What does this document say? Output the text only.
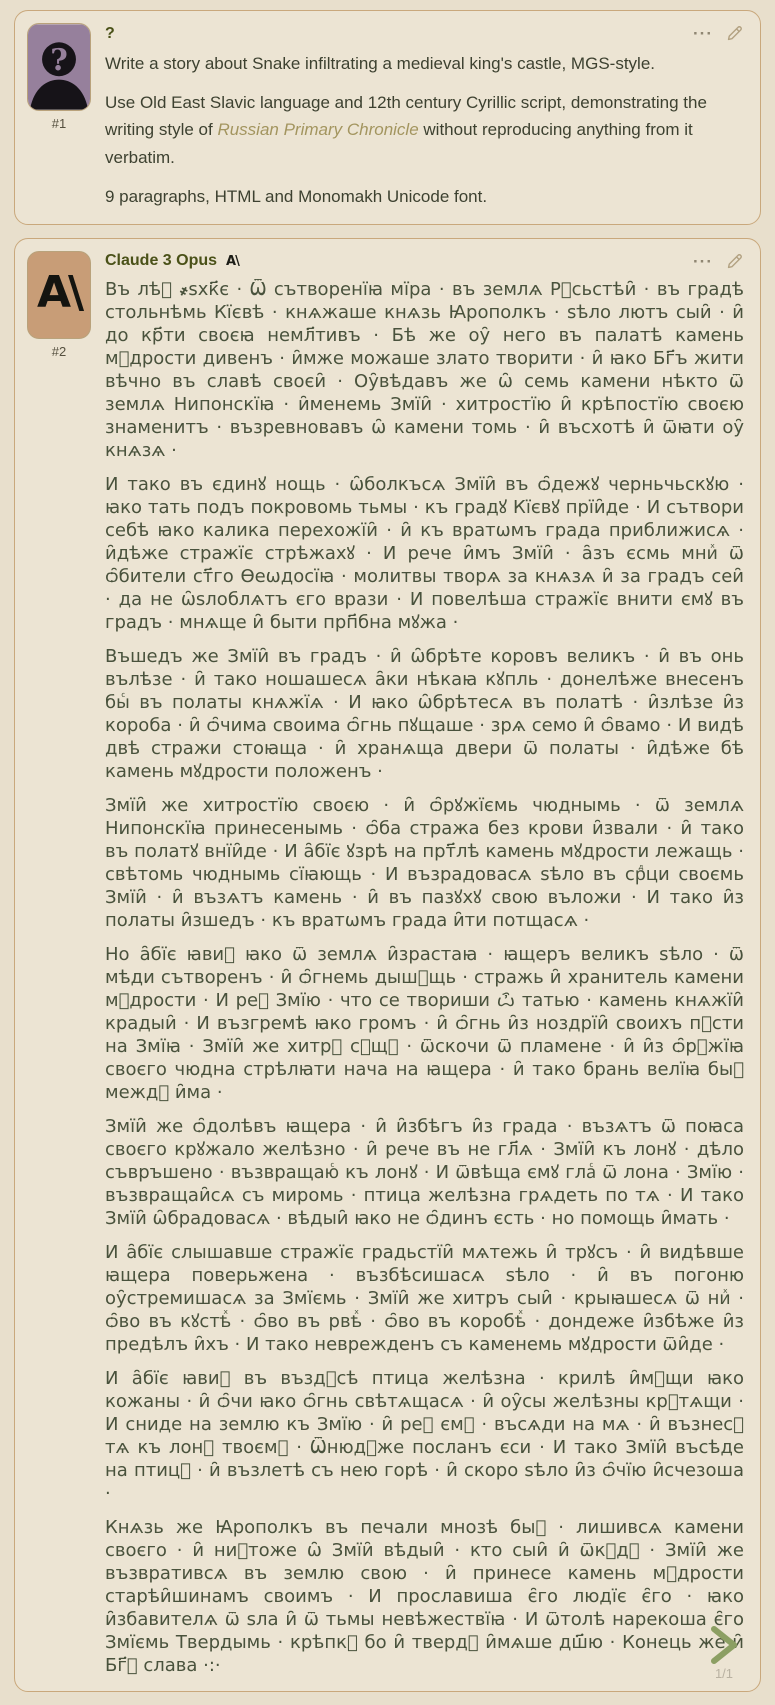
?
#1
?	···

Write a story about Snake infiltrating a medieval king's castle, MGS-style.

Use Old East Slavic language and 12th century Cyrillic script, demonstrating the writing style of Russian Primary Chronicle without reproducing anything from it verbatim.

9 paragraphs, HTML and Monomakh Unicode font.

A\
#2
Claude 3 Opus A\	···

Въ лѣⷮ ҂ѕхк҃є · Ѿ сътворенїꙗ мїра · въ землѧ Рꙋсьстѣи̑ · въ градѣ стольнѣмь Кїєвѣ · кнѧжаше кнѧзь Ꙗрополкъ · ѕѣло лютъ сыи̑ · и̑ до кр҃ти своєꙗ немл҃тивъ · Бѣ же оу̑ него въ палатѣ камень мꙋдрости дивенъ · и̑мже можаше злато творити · и̑ ꙗко Бг҃ъ жити вѣчно въ славѣ своєи̑ · Оу̑вѣдавъ же ѡ̑ семь камени нѣкто ѿ землѧ Нипонскїꙗ · и̑менемь Змїи̑ · хитростїю и̑ крѣпостїю своєю знаменитъ · възревновавъ ѡ̑ камени томь · и̑ въсхотѣ и̑ ѿꙗти оу̑ кнѧзѧ ·

И тако въ єдинꙋ нощь · ѡ̑болкъсѧ Змїи̑ въ ѻ̑дежꙋ черньчьскꙋю · ꙗко тать подъ покровомь тьмы · къ градꙋ Кїєвꙋ прїи̑де · И сътвори себѣ ꙗко калика перехожїи̑ · и̑ къ вратѡмъ града приближисѧ · и̑дѣже стражїє стрѣжахꙋ · И рече и̑мъ Змїи̑ · а̑зъ єсмь мниⷯ ѿ ѻ̑бители ст҃го Ѳеѡдосїꙗ · молитвы творѧ за кнѧзѧ и̑ за градъ сеи̑ · да не ѡ̑ѕлоблѧтъ єго врази · И повелѣша стражїє внити ємꙋ въ градъ · мнѧще и̑ быти прп҃бна мꙋжа ·

Въшедъ же Змїи̑ въ градъ · и̑ ѡ̑брѣте коровъ великъ · и̑ въ онь вълѣзе · и̑ тако ношашесѧ а̑ки нѣкаꙗ кꙋпль · донелѣже внесенъ быⷭ въ полаты кнѧжїѧ · И ꙗко ѡ̑брѣтесѧ въ полатѣ · и̑злѣзе и̑з короба · и̑ ѻ̑чима своима ѻ̑гнь пꙋщаше · зрѧ семо и̑ ѻ̑вамо · И видѣ двѣ стражи стоꙗща · и̑ хранѧща двери ѿ полаты · и̑дѣже бѣ камень мꙋдрости положенъ ·

Змїи̑ же хитростїю своєю · и̑ ѻ̑рꙋжїємь чюднымь · ѿ землѧ Нипонскїꙗ принесенымь · ѻ̑ба стража без крови и̑звали · и̑ тако въ полатꙋ внїи̑де · И а̑бїє ꙋзрѣ на прт҃лѣ камень мꙋдрости лежащь · свѣтомь чюднымь сїꙗющь · И възрадовасѧ ѕѣло въ срⷣци своємь Змїи̑ · и̑ възѧтъ камень · и̑ въ пазꙋхꙋ свою въложи · И тако и̑з полаты и̑зшедъ · къ вратѡмъ града и̑ти потщасѧ ·

Но а̑бїє ꙗвиⷭ ꙗко ѿ землѧ и̑зрастаꙗ · ꙗщеръ великъ ѕѣло · ѿ мѣди сътворенъ · и̑ ѻ̑гнемь дышꙋщь · стражь и̑ хранитель камени мꙋдрости · И реⷱ Змїю · что се твориши ѽ татью · камень кнѧжїи̑ крадыи̑ · И възгремѣ ꙗко громъ · и̑ ѻ̑гнь и̑з ноздрїи̑ своихъ пꙋсти на Змїꙗ · Змїи̑ же хитрꙋ сꙋщꙋ · ѿскочи ѿ пламене · и̑ и̑з ѻ̑рꙋжїꙗ своєго чюдна стрѣлꙗти нача на ꙗщера · и̑ тако брань велїꙗ быⷭ междꙋ и̑ма ·

Змїи̑ же ѻ̑долѣвъ ꙗщера · и̑ и̑збѣгъ и̑з града · възѧтъ ѿ поꙗса своєго крꙋжало желѣзно · и̑ рече въ не гл҃ѧ · Змїи̑ къ лонꙋ · дѣло съвръшено · възвращаюⷭ къ лонꙋ · И ѿвѣща ємꙋ глаⷭ ѿ лона · Змїю · възвращаи̑сѧ съ миромь · птица желѣзна грѧдеть по тѧ · И тако Змїи̑ ѡ̑брадовасѧ · вѣдыи̑ ꙗко не ѻ̑динъ єсть · но помощь и̑мать ·

И а̑бїє слышавше стражїє градьстїи̑ мѧтежь и̑ трꙋсъ · и̑ видѣвше ꙗщера поверьжена · възбѣсишасѧ ѕѣло · и̑ въ погоню оу̑стремишасѧ за Змїємь · Змїи̑ же хитръ сыи̑ · крыꙗшесѧ ѿ ниⷯ · ѻ̑во въ кꙋстѣⷯ · ѻ̑во въ рвѣⷯ · ѻ̑во въ коробѣⷯ · дондеже и̑збѣже и̑з предѣлъ и̑хъ · И тако неврежденъ съ каменемь мꙋдрости ѿи̑де ·

И а̑бїє ꙗвиⷭ въ въздꙋсѣ птица желѣзна · крилѣ и̑мꙋщи ꙗко кожаны · и̑ ѻ̑чи ꙗко ѻ̑гнь свѣтѧщасѧ · и̑ оу̑сы желѣзны крꙋтѧщи · И сниде на землю къ Змїю · и̑ реⷱ ємꙋ · въсѧди на мѧ · и̑ възнесꙋ тѧ къ лонꙋ твоємꙋ · Ѿнюдꙋже посланъ єси · И тако Змїи̑ въсѣде на птицꙋ · и̑ възлетѣ съ нею горѣ · и̑ скоро ѕѣло и̑з ѻ̑чїю и̑счезоша ·

Кнѧзь же Ꙗрополкъ въ печали мнозѣ быⷭ · лишивсѧ камени своєго · и̑ ниⷱтоже ѡ̑ Змїи̑ вѣдыи̑ · кто сыи̑ и̑ ѿкꙋдꙋ · Змїи̑ же възвративсѧ въ землю свою · и̑ принесе камень мꙋдрости старѣи̑шинамъ своимъ · И прославиша є̑го людїє є̑го · ꙗко и̑збавителѧ ѿ ѕла и̑ ѿ тьмы невѣжествїꙗ · И ѿтолѣ нарекоша є̑го Змїємь Твердымь · крѣпкꙋ бо и̑ твердꙋ и̑мѧше дш҃ю · Конець же и̑ Бг҃ꙋ слава ·:·	1/1
